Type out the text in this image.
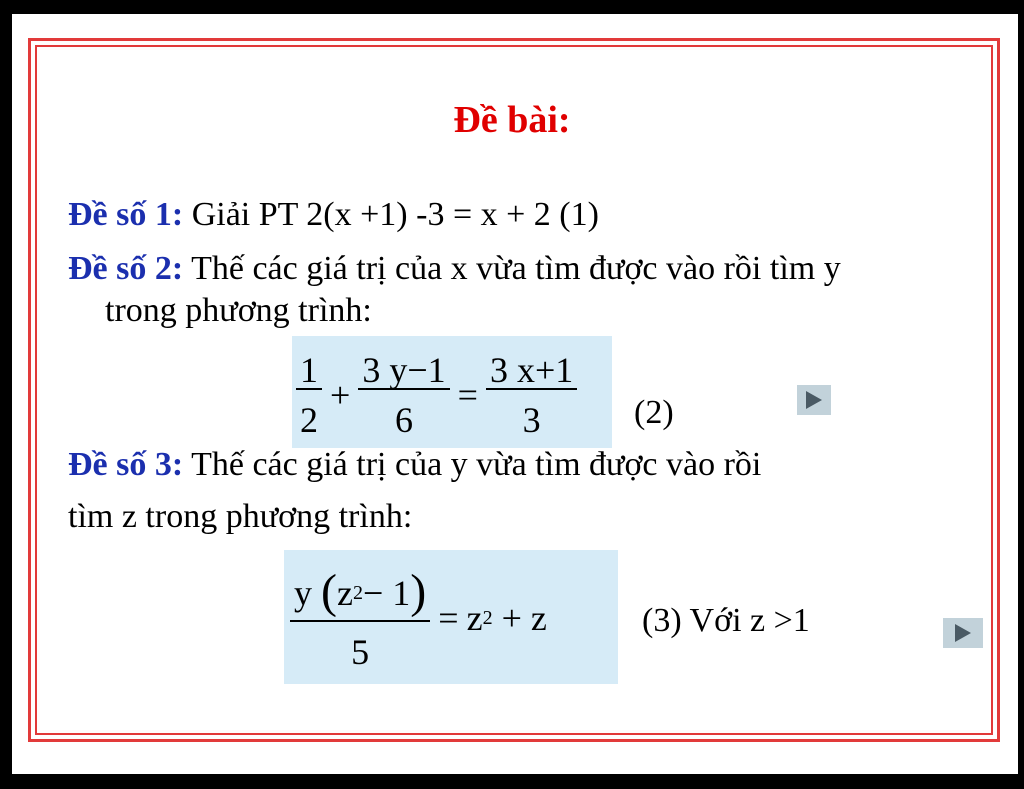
Đề bài:
Đề số 1: Giải PT 2(x +1) -3 = x + 2 (1)
Đề số 2: Thế các giá trị của x vừa tìm được vào rồi tìm y
trong phương trình:
$\frac{1}{2} + \frac{3 y-1}{6} = \frac{3 x+1}{3} (2)$
Đề số 3: Thế các giá trị của y vừa tìm được vào rồi
tìm z trong phương trình:
$\frac{y (z^2- 1)}{5} = z^2 + z$	(3) Với z >1
